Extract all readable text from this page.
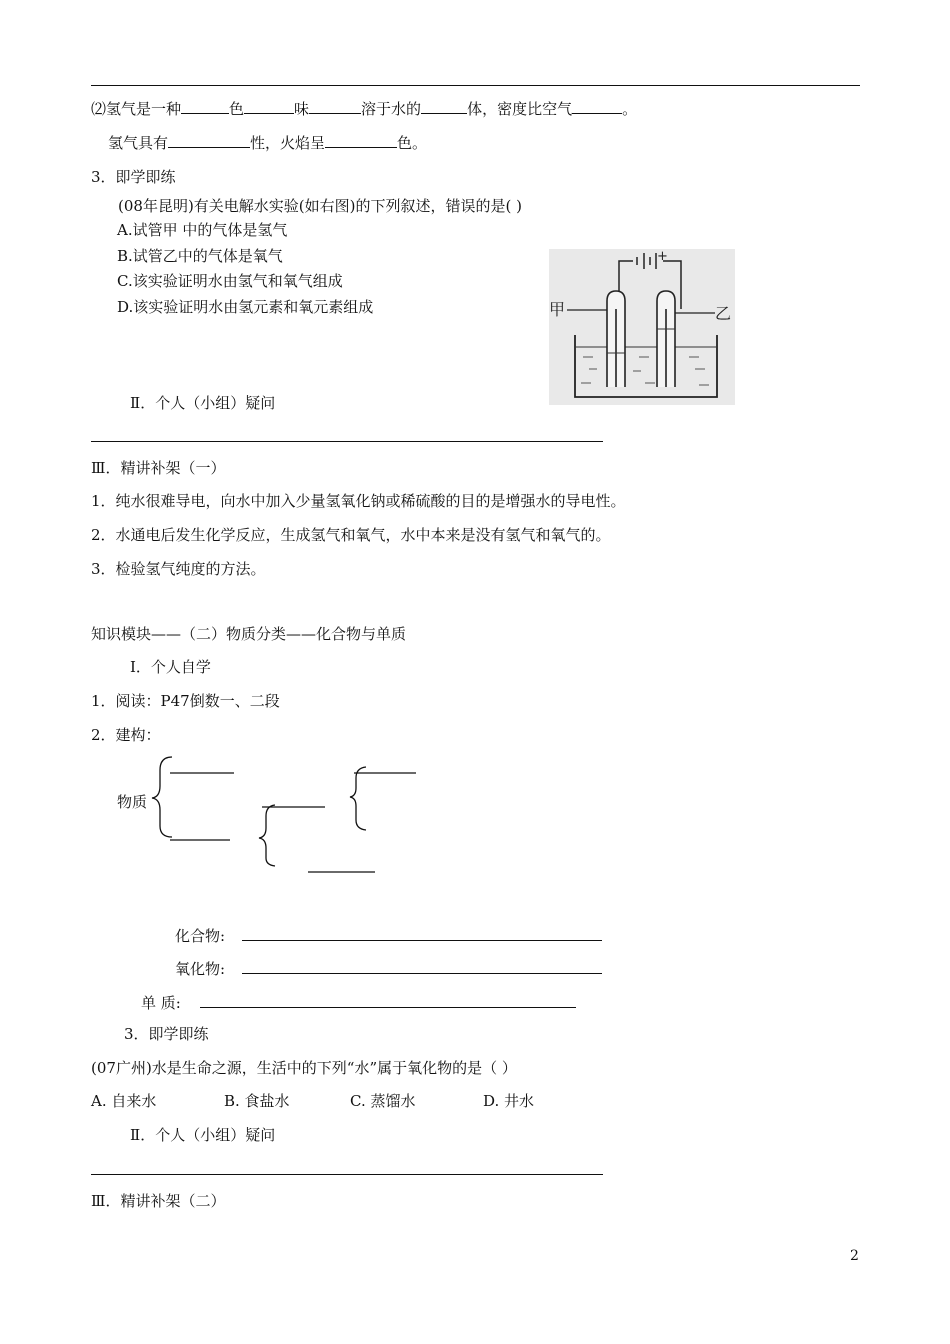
⑵氢气是一种	色	味	溶于水的	体，密度比空气	。
氢气具有	性，火焰呈	色。
3．即学即练
(08年昆明)有关电解水实验(如右图)的下列叙述，错误的是( )
A.试管甲 中的气体是氢气
B.试管乙中的气体是氧气
C.该实验证明水由氢气和氧气组成
D.该实验证明水由氢元素和氧元素组成
+
甲	乙
Ⅱ．个人（小组）疑问
Ⅲ．精讲补架（一）
1．纯水很难导电，向水中加入少量氢氧化钠或稀硫酸的目的是增强水的导电性。
2．水通电后发生化学反应，生成氢气和氧气，水中本来是没有氢气和氧气的。
3．检验氢气纯度的方法。
知识模块——（二）物质分类——化合物与单质
Ⅰ．个人自学
1．阅读：P47倒数一、二段
2．建构：
物质
化合物:
氧化物:
单 质:
3．即学即练
(07广州)水是生命之源，生活中的下列“水”属于氧化物的是（ ）
A. 自来水	B. 食盐水	C. 蒸馏水	D. 井水
Ⅱ．个人（小组）疑问
Ⅲ．精讲补架（二）
2
